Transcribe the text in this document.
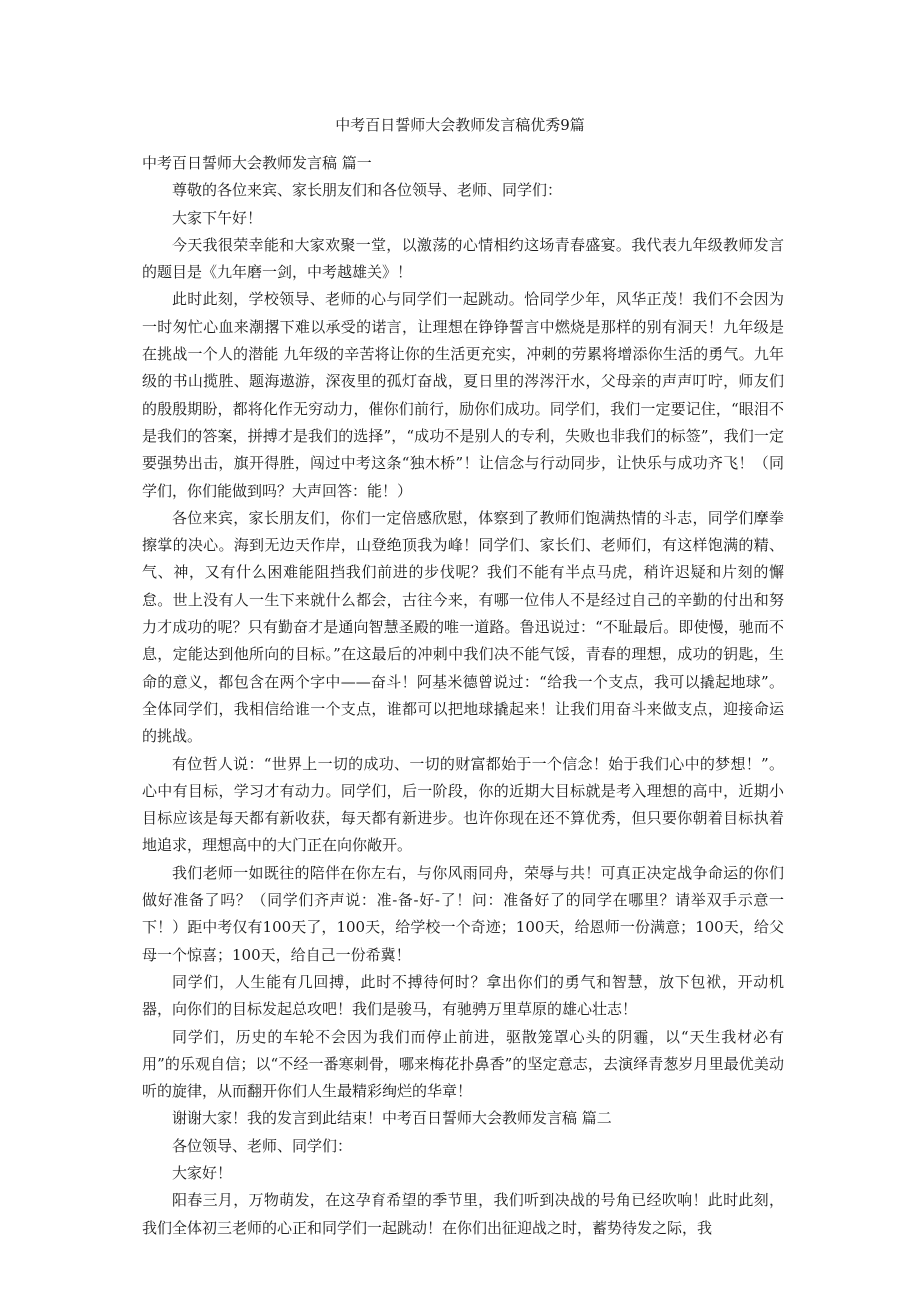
中考百日誓师大会教师发言稿优秀9篇

中考百日誓师大会教师发言稿 篇一

尊敬的各位来宾、家长朋友们和各位领导、老师、同学们：

大家下午好！

今天我很荣幸能和大家欢聚一堂，以激荡的心情相约这场青春盛宴。我代表九年级教师发言的题目是《九年磨一剑，中考越雄关》！

此时此刻，学校领导、老师的心与同学们一起跳动。恰同学少年，风华正茂！我们不会因为一时匆忙心血来潮撂下难以承受的诺言，让理想在铮铮誓言中燃烧是那样的别有洞天！九年级是在挑战一个人的潜能 九年级的辛苦将让你的生活更充实，冲刺的劳累将增添你生活的勇气。九年级的书山揽胜、题海遨游，深夜里的孤灯奋战，夏日里的涔涔汗水，父母亲的声声叮咛，师友们的殷殷期盼，都将化作无穷动力，催你们前行，励你们成功。同学们，我们一定要记住，“眼泪不是我们的答案，拼搏才是我们的选择”，“成功不是别人的专利，失败也非我们的标签”，我们一定要强势出击，旗开得胜，闯过中考这条“独木桥”！让信念与行动同步，让快乐与成功齐飞！（同学们，你们能做到吗？大声回答：能！）

各位来宾，家长朋友们，你们一定倍感欣慰，体察到了教师们饱满热情的斗志，同学们摩拳擦掌的决心。海到无边天作岸，山登绝顶我为峰！同学们、家长们、老师们，有这样饱满的精、气、神，又有什么困难能阻挡我们前进的步伐呢？我们不能有半点马虎，稍许迟疑和片刻的懈怠。世上没有人一生下来就什么都会，古往今来，有哪一位伟人不是经过自己的辛勤的付出和努力才成功的呢？只有勤奋才是通向智慧圣殿的唯一道路。鲁迅说过：“不耻最后。即使慢，驰而不息，定能达到他所向的目标。”在这最后的冲刺中我们决不能气馁，青春的理想，成功的钥匙，生命的意义，都包含在两个字中——奋斗！阿基米德曾说过：“给我一个支点，我可以撬起地球”。全体同学们，我相信给谁一个支点，谁都可以把地球撬起来！让我们用奋斗来做支点，迎接命运的挑战。

有位哲人说：“世界上一切的成功、一切的财富都始于一个信念！始于我们心中的梦想！”。心中有目标，学习才有动力。同学们，后一阶段，你的近期大目标就是考入理想的高中，近期小目标应该是每天都有新收获，每天都有新进步。也许你现在还不算优秀，但只要你朝着目标执着地追求，理想高中的大门正在向你敞开。

我们老师一如既往的陪伴在你左右，与你风雨同舟，荣辱与共！可真正决定战争命运的你们做好准备了吗？（同学们齐声说：准-备-好-了！问：准备好了的同学在哪里？请举双手示意一下！）距中考仅有100天了，100天，给学校一个奇迹；100天，给恩师一份满意；100天，给父母一个惊喜；100天，给自己一份希冀！

同学们，人生能有几回搏，此时不搏待何时？拿出你们的勇气和智慧，放下包袱，开动机器，向你们的目标发起总攻吧！我们是骏马，有驰骋万里草原的雄心壮志！

同学们，历史的车轮不会因为我们而停止前进，驱散笼罩心头的阴霾，以“天生我材必有用”的乐观自信；以“不经一番寒刺骨，哪来梅花扑鼻香”的坚定意志，去演绎青葱岁月里最优美动听的旋律，从而翻开你们人生最精彩绚烂的华章！

谢谢大家！我的发言到此结束！中考百日誓师大会教师发言稿 篇二

各位领导、老师、同学们：

大家好！

阳春三月，万物萌发，在这孕育希望的季节里，我们听到决战的号角已经吹响！此时此刻，我们全体初三老师的心正和同学们一起跳动！在你们出征迎战之时，蓄势待发之际，我
